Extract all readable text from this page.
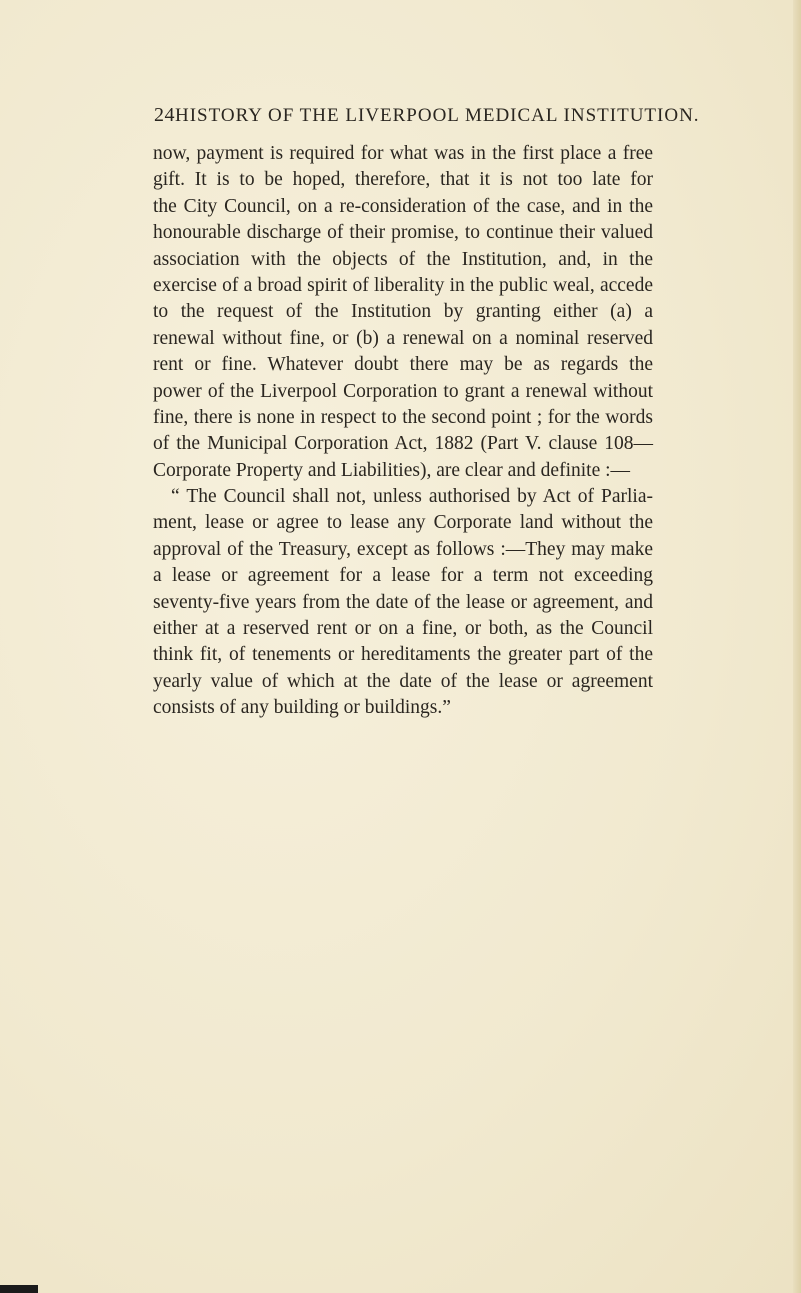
24 HISTORY OF THE LIVERPOOL MEDICAL INSTITUTION.
now, payment is required for what was in the first place a free
gift. It is to be hoped, therefore, that it is not too late for
the City Council, on a re-consideration of the case, and in the
honourable discharge of their promise, to continue their valued
association with the objects of the Institution, and, in the
exercise of a broad spirit of liberality in the public weal, accede
to the request of the Institution by granting either (a) a
renewal without fine, or (b) a renewal on a nominal reserved
rent or fine. Whatever doubt there may be as regards the
power of the Liverpool Corporation to grant a renewal without
fine, there is none in respect to the second point ; for the words
of the Municipal Corporation Act, 1882 (Part V. clause 108—
Corporate Property and Liabilities), are clear and definite :—
“ The Council shall not, unless authorised by Act of Parlia-
ment, lease or agree to lease any Corporate land without the
approval of the Treasury, except as follows :—They may make
a lease or agreement for a lease for a term not exceeding
seventy-five years from the date of the lease or agreement, and
either at a reserved rent or on a fine, or both, as the Council
think fit, of tenements or hereditaments the greater part of the
yearly value of which at the date of the lease or agreement
consists of any building or buildings.”
